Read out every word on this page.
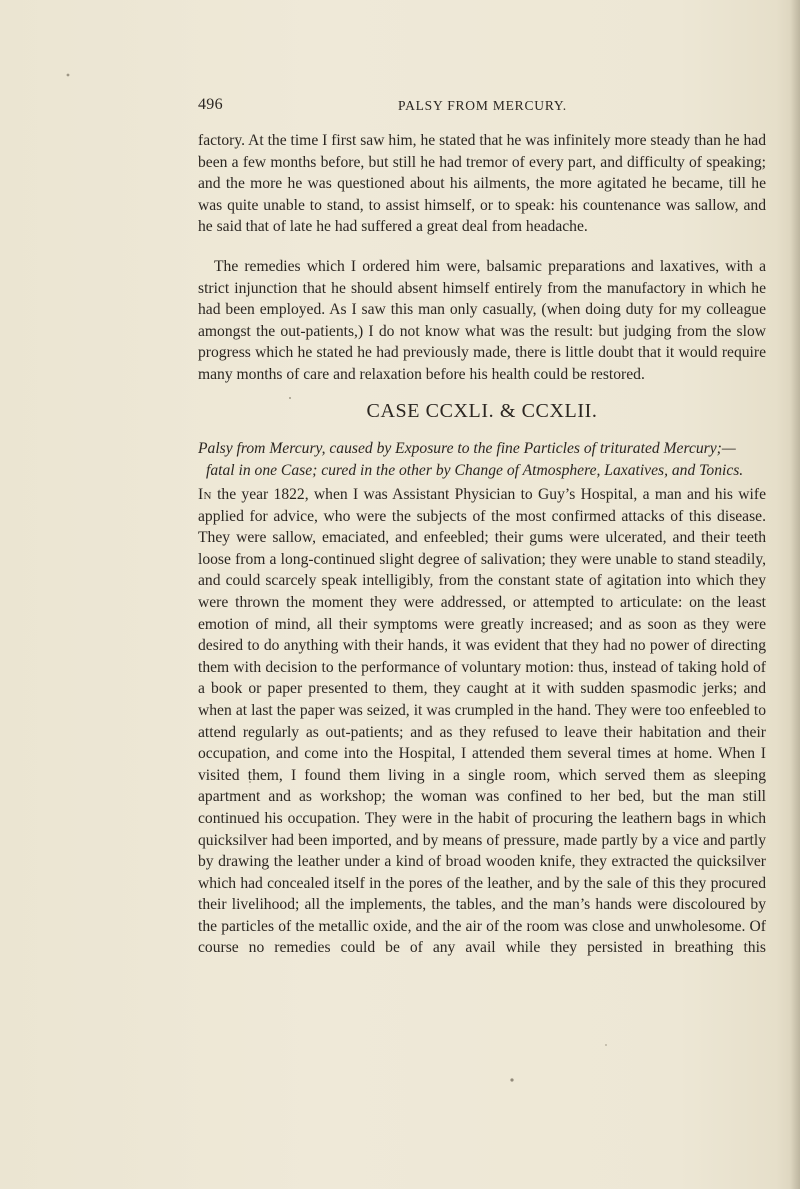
496	PALSY FROM MERCURY.

factory. At the time I first saw him, he stated that he was infinitely more steady than he had been a few months before, but still he had tremor of every part, and difficulty of speaking; and the more he was questioned about his ailments, the more agitated he became, till he was quite unable to stand, to assist himself, or to speak: his countenance was sallow, and he said that of late he had suffered a great deal from headache.

The remedies which I ordered him were, balsamic preparations and laxatives, with a strict injunction that he should absent himself entirely from the manufactory in which he had been employed. As I saw this man only casually, (when doing duty for my colleague amongst the out-patients,) I do not know what was the result: but judging from the slow progress which he stated he had previously made, there is little doubt that it would require many months of care and relaxation before his health could be restored.

CASE CCXLI. & CCXLII.
Palsy from Mercury, caused by Exposure to the fine Particles of triturated Mercury;—
fatal in one Case; cured in the other by Change of Atmosphere, Laxatives, and Tonics.

In the year 1822, when I was Assistant Physician to Guy’s Hospital, a man and his wife applied for advice, who were the subjects of the most confirmed attacks of this disease. They were sallow, emaciated, and enfeebled; their gums were ulcerated, and their teeth loose from a long-continued slight degree of salivation; they were unable to stand steadily, and could scarcely speak intelligibly, from the constant state of agitation into which they were thrown the moment they were addressed, or attempted to articulate: on the least emotion of mind, all their symptoms were greatly increased; and as soon as they were desired to do anything with their hands, it was evident that they had no power of directing them with decision to the performance of voluntary motion: thus, instead of taking hold of a book or paper presented to them, they caught at it with sudden spasmodic jerks; and when at last the paper was seized, it was crumpled in the hand. They were too enfeebled to attend regularly as out-patients; and as they refused to leave their habitation and their occupation, and come into the Hospital, I attended them several times at home. When I visited them, I found them living in a single room, which served them as sleeping apartment and as workshop; the woman was confined to her bed, but the man still continued his occupation. They were in the habit of procuring the leathern bags in which quicksilver had been imported, and by means of pressure, made partly by a vice and partly by drawing the leather under a kind of broad wooden knife, they extracted the quicksilver which had concealed itself in the pores of the leather, and by the sale of this they procured their livelihood; all the implements, the tables, and the man’s hands were discoloured by the particles of the metallic oxide, and the air of the room was close and unwholesome. Of course no remedies could be of any avail while they persisted in breathing this
